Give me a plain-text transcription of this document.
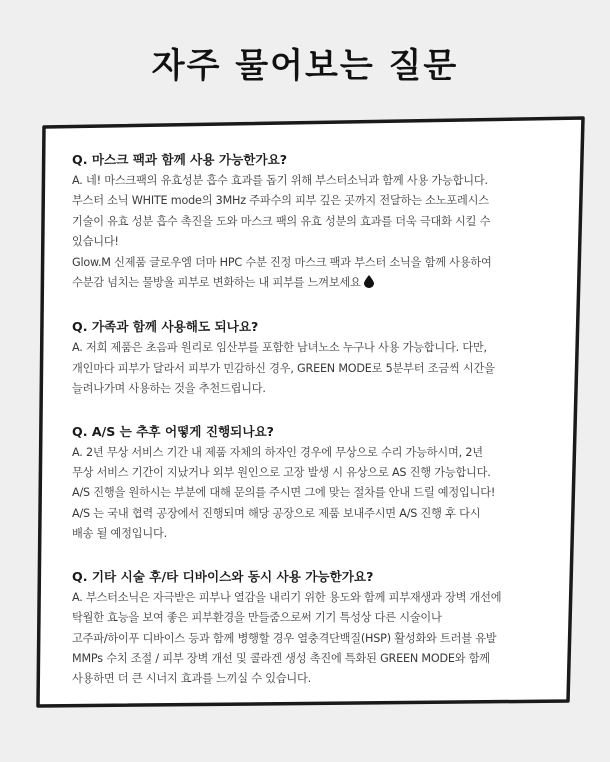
자주 물어보는 질문
Q. 마스크 팩과 함께 사용 가능한가요?

A. 네! 마스크팩의 유효성분 흡수 효과를 돕기 위해 부스터소닉과 함께 사용 가능합니다.

부스터 소닉 WHITE mode의 3MHz 주파수의 피부 깊은 곳까지 전달하는 소노포레시스

기술이 유효 성분 흡수 촉진을 도와 마스크 팩의 유효 성분의 효과를 더욱 극대화 시킬 수

있습니다!

Glow.M 신제품 글로우엠 더마 HPC 수분 진정 마스크 팩과 부스터 소닉을 함께 사용하여

수분감 넘치는 물방울 피부로 변화하는 내 피부를 느껴보세요

Q. 가족과 함께 사용해도 되나요?

A. 저희 제품은 초음파 원리로 임산부를 포함한 남녀노소 누구나 사용 가능합니다. 다만,

개인마다 피부가 달라서 피부가 민감하신 경우, GREEN MODE로 5분부터 조금씩 시간을

늘려나가며 사용하는 것을 추천드립니다.

Q. A/S 는 추후 어떻게 진행되나요?

A. 2년 무상 서비스 기간 내 제품 자체의 하자인 경우에 무상으로 수리 가능하시며, 2년

무상 서비스 기간이 지났거나 외부 원인으로 고장 발생 시 유상으로 AS 진행 가능합니다.

A/S 진행을 원하시는 부분에 대해 문의를 주시면 그에 맞는 절차를 안내 드릴 예정입니다!

A/S 는 국내 협력 공장에서 진행되며 해당 공장으로 제품 보내주시면 A/S 진행 후 다시

배송 될 예정입니다.

Q. 기타 시술 후/타 디바이스와 동시 사용 가능한가요?

A. 부스터소닉은 자극받은 피부나 열감을 내리기 위한 용도와 함께 피부재생과 장벽 개선에

탁월한 효능을 보여 좋은 피부환경을 만들줌으로써 기기 특성상 다른 시술이나

고주파/하이푸 디바이스 등과 함께 병행할 경우 열충격단백질(HSP) 활성화와 트러블 유발

MMPs 수치 조절 / 피부 장벽 개선 및 콜라겐 생성 촉진에 특화된 GREEN MODE와 함께

사용하면 더 큰 시너지 효과를 느끼실 수 있습니다.
